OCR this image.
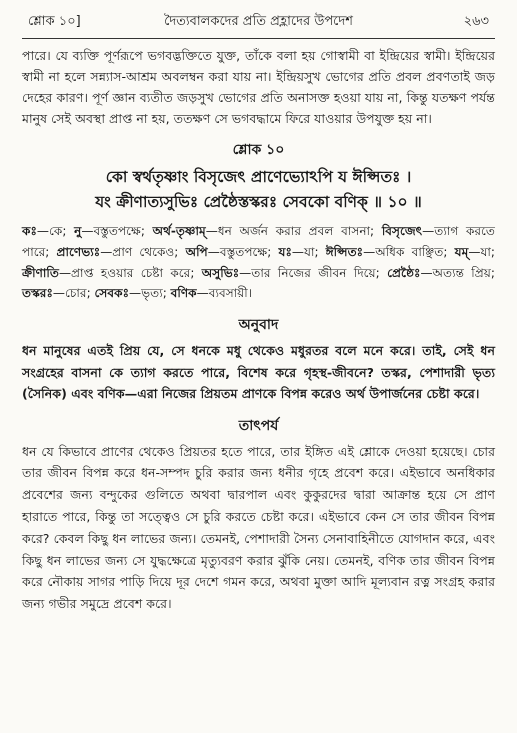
শ্লোক ১০]	দৈত্যবালকদের প্রতি প্রহ্লাদের উপদেশ	২৬৩

পারে। যে ব্যক্তি পূর্ণরূপে ভগবদ্ভক্তিতে যুক্ত, তাঁকে বলা হয় গোস্বামী বা ইন্দ্রিয়ের স্বামী। ইন্দ্রিয়ের স্বামী না হলে সন্ন্যাস-আশ্রম অবলম্বন করা যায় না। ইন্দ্রিয়সুখ ভোগের প্রতি প্রবল প্রবণতাই জড় দেহের কারণ। পূর্ণ জ্ঞান ব্যতীত জড়সুখ ভোগের প্রতি অনাসক্ত হওয়া যায় না, কিন্তু যতক্ষণ পর্যন্ত মানুষ সেই অবস্থা প্রাপ্ত না হয়, ততক্ষণ সে ভগবদ্ধামে ফিরে যাওয়ার উপযুক্ত হয় না।

শ্লোক ১০
কো স্বর্থতৃষ্ণাং বিসৃজেৎ প্রাণেভ্যোঽপি য ঈপ্সিতঃ ।
যং ক্রীণাত্যসুভিঃ প্রেষ্ঠৈস্তস্করঃ সেবকো বণিক্ ॥ ১০ ॥

কঃ—কে; নু—বস্তুতপক্ষে; অর্থ-তৃষ্ণাম্—ধন অর্জন করার প্রবল বাসনা; বিসৃজেৎ—ত্যাগ করতে পারে; প্রাণেভ্যঃ—প্রাণ থেকেও; অপি—বস্তুতপক্ষে; যঃ—যা; ঈপ্সিতঃ—অধিক বাঞ্ছিত; যম্—যা; ক্রীণাতি—প্রাপ্ত হওয়ার চেষ্টা করে; অসুভিঃ—তার নিজের জীবন দিয়ে; প্রেষ্ঠৈঃ—অত্যন্ত প্রিয়; তস্করঃ—চোর; সেবকঃ—ভৃত্য; বণিক—ব্যবসায়ী।

অনুবাদ

ধন মানুষের এতই প্রিয় যে, সে ধনকে মধু থেকেও মধুরতর বলে মনে করে। তাই, সেই ধন সংগ্রহের বাসনা কে ত্যাগ করতে পারে, বিশেষ করে গৃহস্থ-জীবনে? তস্কর, পেশাদারী ভৃত্য (সৈনিক) এবং বণিক—এরা নিজের প্রিয়তম প্রাণকে বিপন্ন করেও অর্থ উপার্জনের চেষ্টা করে।

তাৎপর্য

ধন যে কিভাবে প্রাণের থেকেও প্রিয়তর হতে পারে, তার ইঙ্গিত এই শ্লোকে দেওয়া হয়েছে। চোর তার জীবন বিপন্ন করে ধন-সম্পদ চুরি করার জন্য ধনীর গৃহে প্রবেশ করে। এইভাবে অনধিকার প্রবেশের জন্য বন্দুকের গুলিতে অথবা দ্বারপাল এবং কুকুরদের দ্বারা আক্রান্ত হয়ে সে প্রাণ হারাতে পারে, কিন্তু তা সত্ত্বেও সে চুরি করতে চেষ্টা করে। এইভাবে কেন সে তার জীবন বিপন্ন করে? কেবল কিছু ধন লাভের জন্য। তেমনই, পেশাদারী সৈন্য সেনাবাহিনীতে যোগদান করে, এবং কিছু ধন লাভের জন্য সে যুদ্ধক্ষেত্রে মৃত্যুবরণ করার ঝুঁকি নেয়। তেমনই, বণিক তার জীবন বিপন্ন করে নৌকায় সাগর পাড়ি দিয়ে দূর দেশে গমন করে, অথবা মুক্তা আদি মূল্যবান রত্ন সংগ্রহ করার জন্য গভীর সমুদ্রে প্রবেশ করে।
